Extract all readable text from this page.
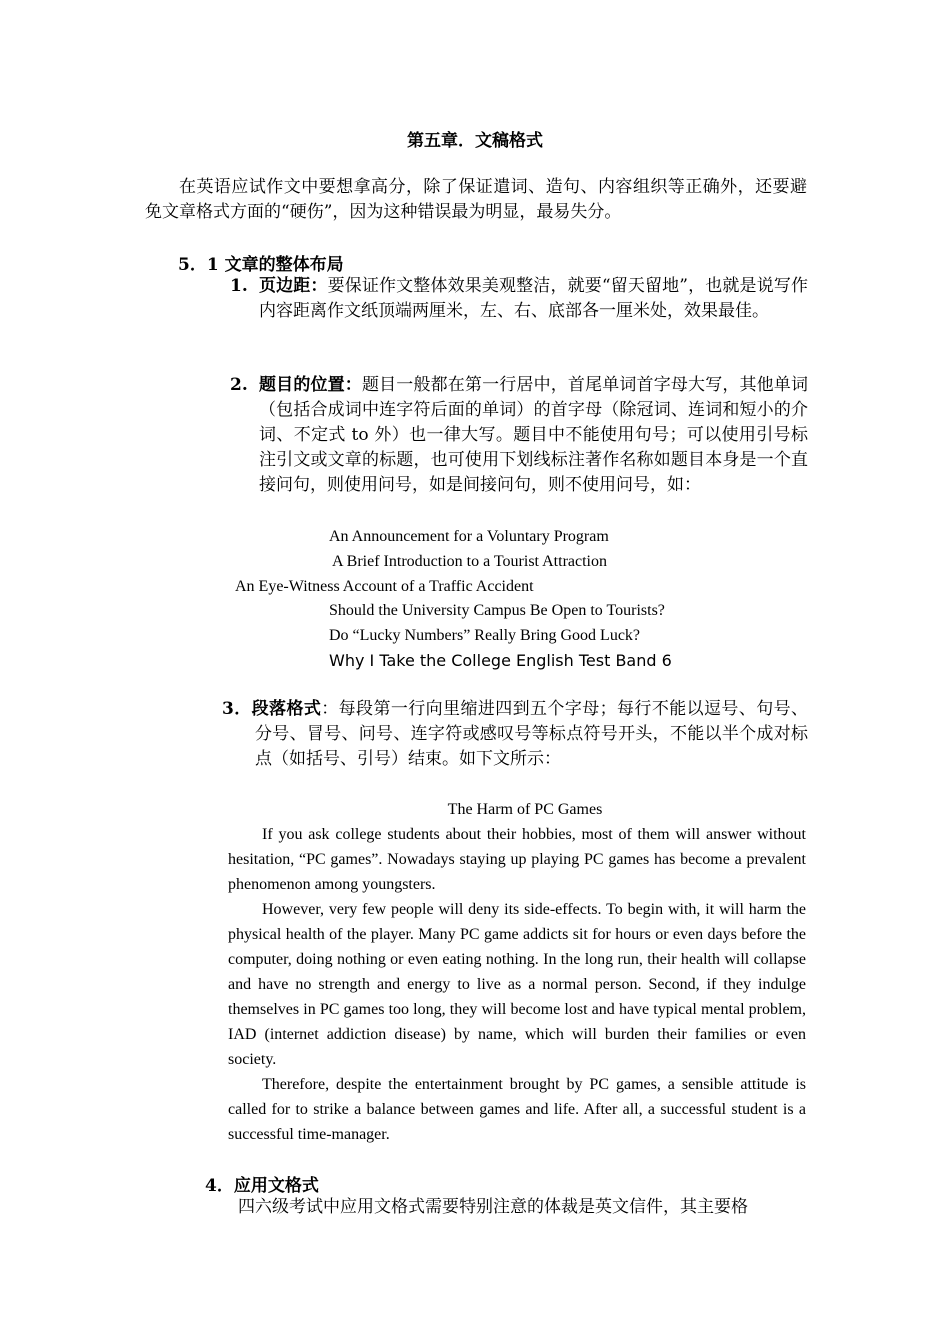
第五章．文稿格式
在英语应试作文中要想拿高分，除了保证遣词、造句、内容组织等正确外，还要避免文章格式方面的“硬伤”，因为这种错误最为明显，最易失分。
5．1 文章的整体布局
1. 页边距：要保证作文整体效果美观整洁，就要“留天留地”，也就是说写作内容距离作文纸顶端两厘米，左、右、底部各一厘米处，效果最佳。
2. 题目的位置：题目一般都在第一行居中，首尾单词首字母大写，其他单词（包括合成词中连字符后面的单词）的首字母（除冠词、连词和短小的介词、不定式 to 外）也一律大写。题目中不能使用句号；可以使用引号标注引文或文章的标题，也可使用下划线标注著作名称如题目本身是一个直接问句，则使用问号，如是间接问句，则不使用问号，如：
An Announcement for a Voluntary Program
A Brief Introduction to a Tourist Attraction
An Eye-Witness Account of a Traffic Accident
Should the University Campus Be Open to Tourists?
Do “Lucky Numbers” Really Bring Good Luck?
Why I Take the College English Test Band 6
3．段落格式：每段第一行向里缩进四到五个字母；每行不能以逗号、句号、分号、冒号、问号、连字符或感叹号等标点符号开头，不能以半个成对标点（如括号、引号）结束。如下文所示：

The Harm of PC Games

If you ask college students about their hobbies, most of them will answer without hesitation, “PC games”. Nowadays staying up playing PC games has become a prevalent phenomenon among youngsters.

However, very few people will deny its side-effects. To begin with, it will harm the physical health of the player. Many PC game addicts sit for hours or even days before the computer, doing nothing or even eating nothing. In the long run, their health will collapse and have no strength and energy to live as a normal person. Second, if they indulge themselves in PC games too long, they will become lost and have typical mental problem, IAD (internet addiction disease) by name, which will burden their families or even society.

Therefore, despite the entertainment brought by PC games, a sensible attitude is called for to strike a balance between games and life. After all, a successful student is a successful time-manager.

4．应用文格式
四六级考试中应用文格式需要特别注意的体裁是英文信件，其主要格
